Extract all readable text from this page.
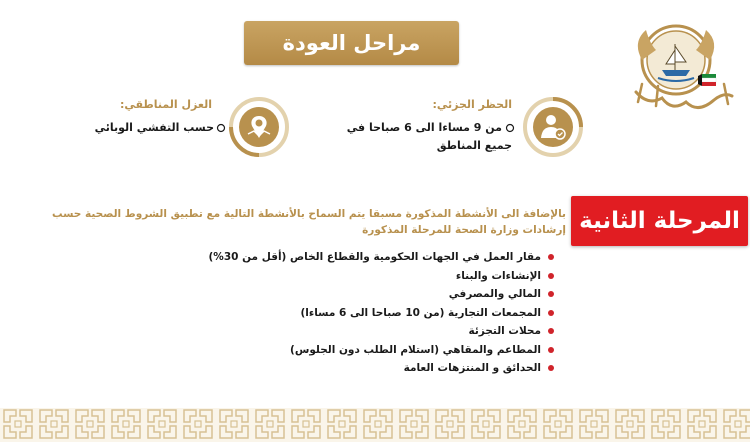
مراحل العودة
الحظر الجزئي:
من 9 مساءا الى 6 صباحا في
جميع المناطق
العزل المناطقي:
حسب التفشي الوبائي
المرحلة الثانية
بالإضافة الى الأنشطة المذكورة مسبقا يتم السماح بالأنشطة التالية مع تطبيق الشروط الصحية حسب
إرشادات وزارة الصحة للمرحلة المذكورة
مقار العمل في الجهات الحكومية والقطاع الخاص (أقل من 30%)
الإنشاءات والبناء
المالي والمصرفي
المجمعات التجارية (من 10 صباحا الى 6 مساءا)
محلات التجزئة
المطاعم والمقاهي (استلام الطلب دون الجلوس)
الحدائق و المنتزهات العامة
